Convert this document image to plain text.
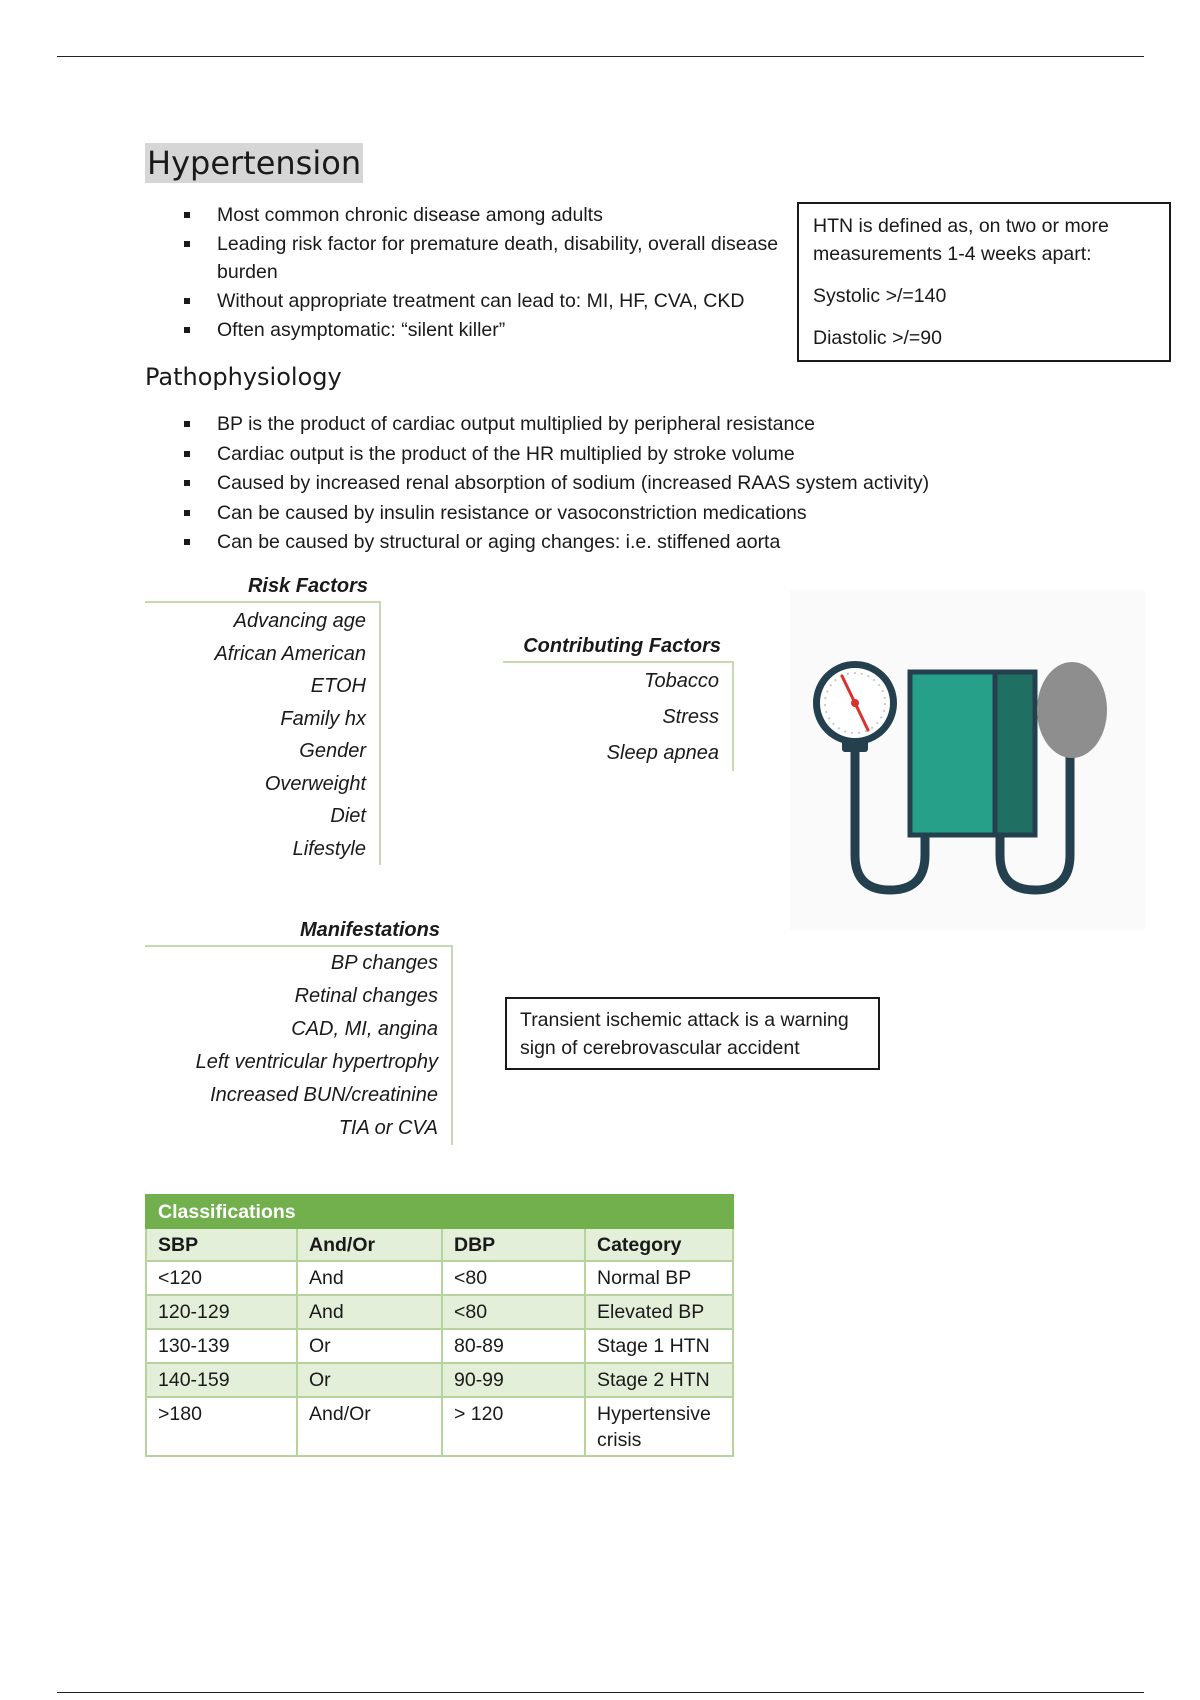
Hypertension
Most common chronic disease among adults
Leading risk factor for premature death, disability, overall disease burden
Without appropriate treatment can lead to: MI, HF, CVA, CKD
Often asymptomatic: “silent killer”

HTN is defined as, on two or more measurements 1-4 weeks apart:

Systolic >/=140

Diastolic >/=90

Pathophysiology
BP is the product of cardiac output multiplied by peripheral resistance
Cardiac output is the product of the HR multiplied by stroke volume
Caused by increased renal absorption of sodium (increased RAAS system activity)
Can be caused by insulin resistance or vasoconstriction medications
Can be caused by structural or aging changes: i.e. stiffened aorta
Risk Factors
Advancing age
African American
ETOH
Family hx
Gender
Overweight
Diet
Lifestyle
Contributing Factors
Tobacco
Stress
Sleep apnea
Manifestations
BP changes
Retinal changes
CAD, MI, angina
Left ventricular hypertrophy
Increased BUN/creatinine
TIA or CVA

Transient ischemic attack is a warning sign of cerebrovascular accident

Classifications			
SBP	And/Or	DBP	Category
<120	And	<80	Normal BP
120-129	And	<80	Elevated BP
130-139	Or	80-89	Stage 1 HTN
140-159	Or	90-99	Stage 2 HTN
>180	And/Or	> 120	Hypertensive crisis
